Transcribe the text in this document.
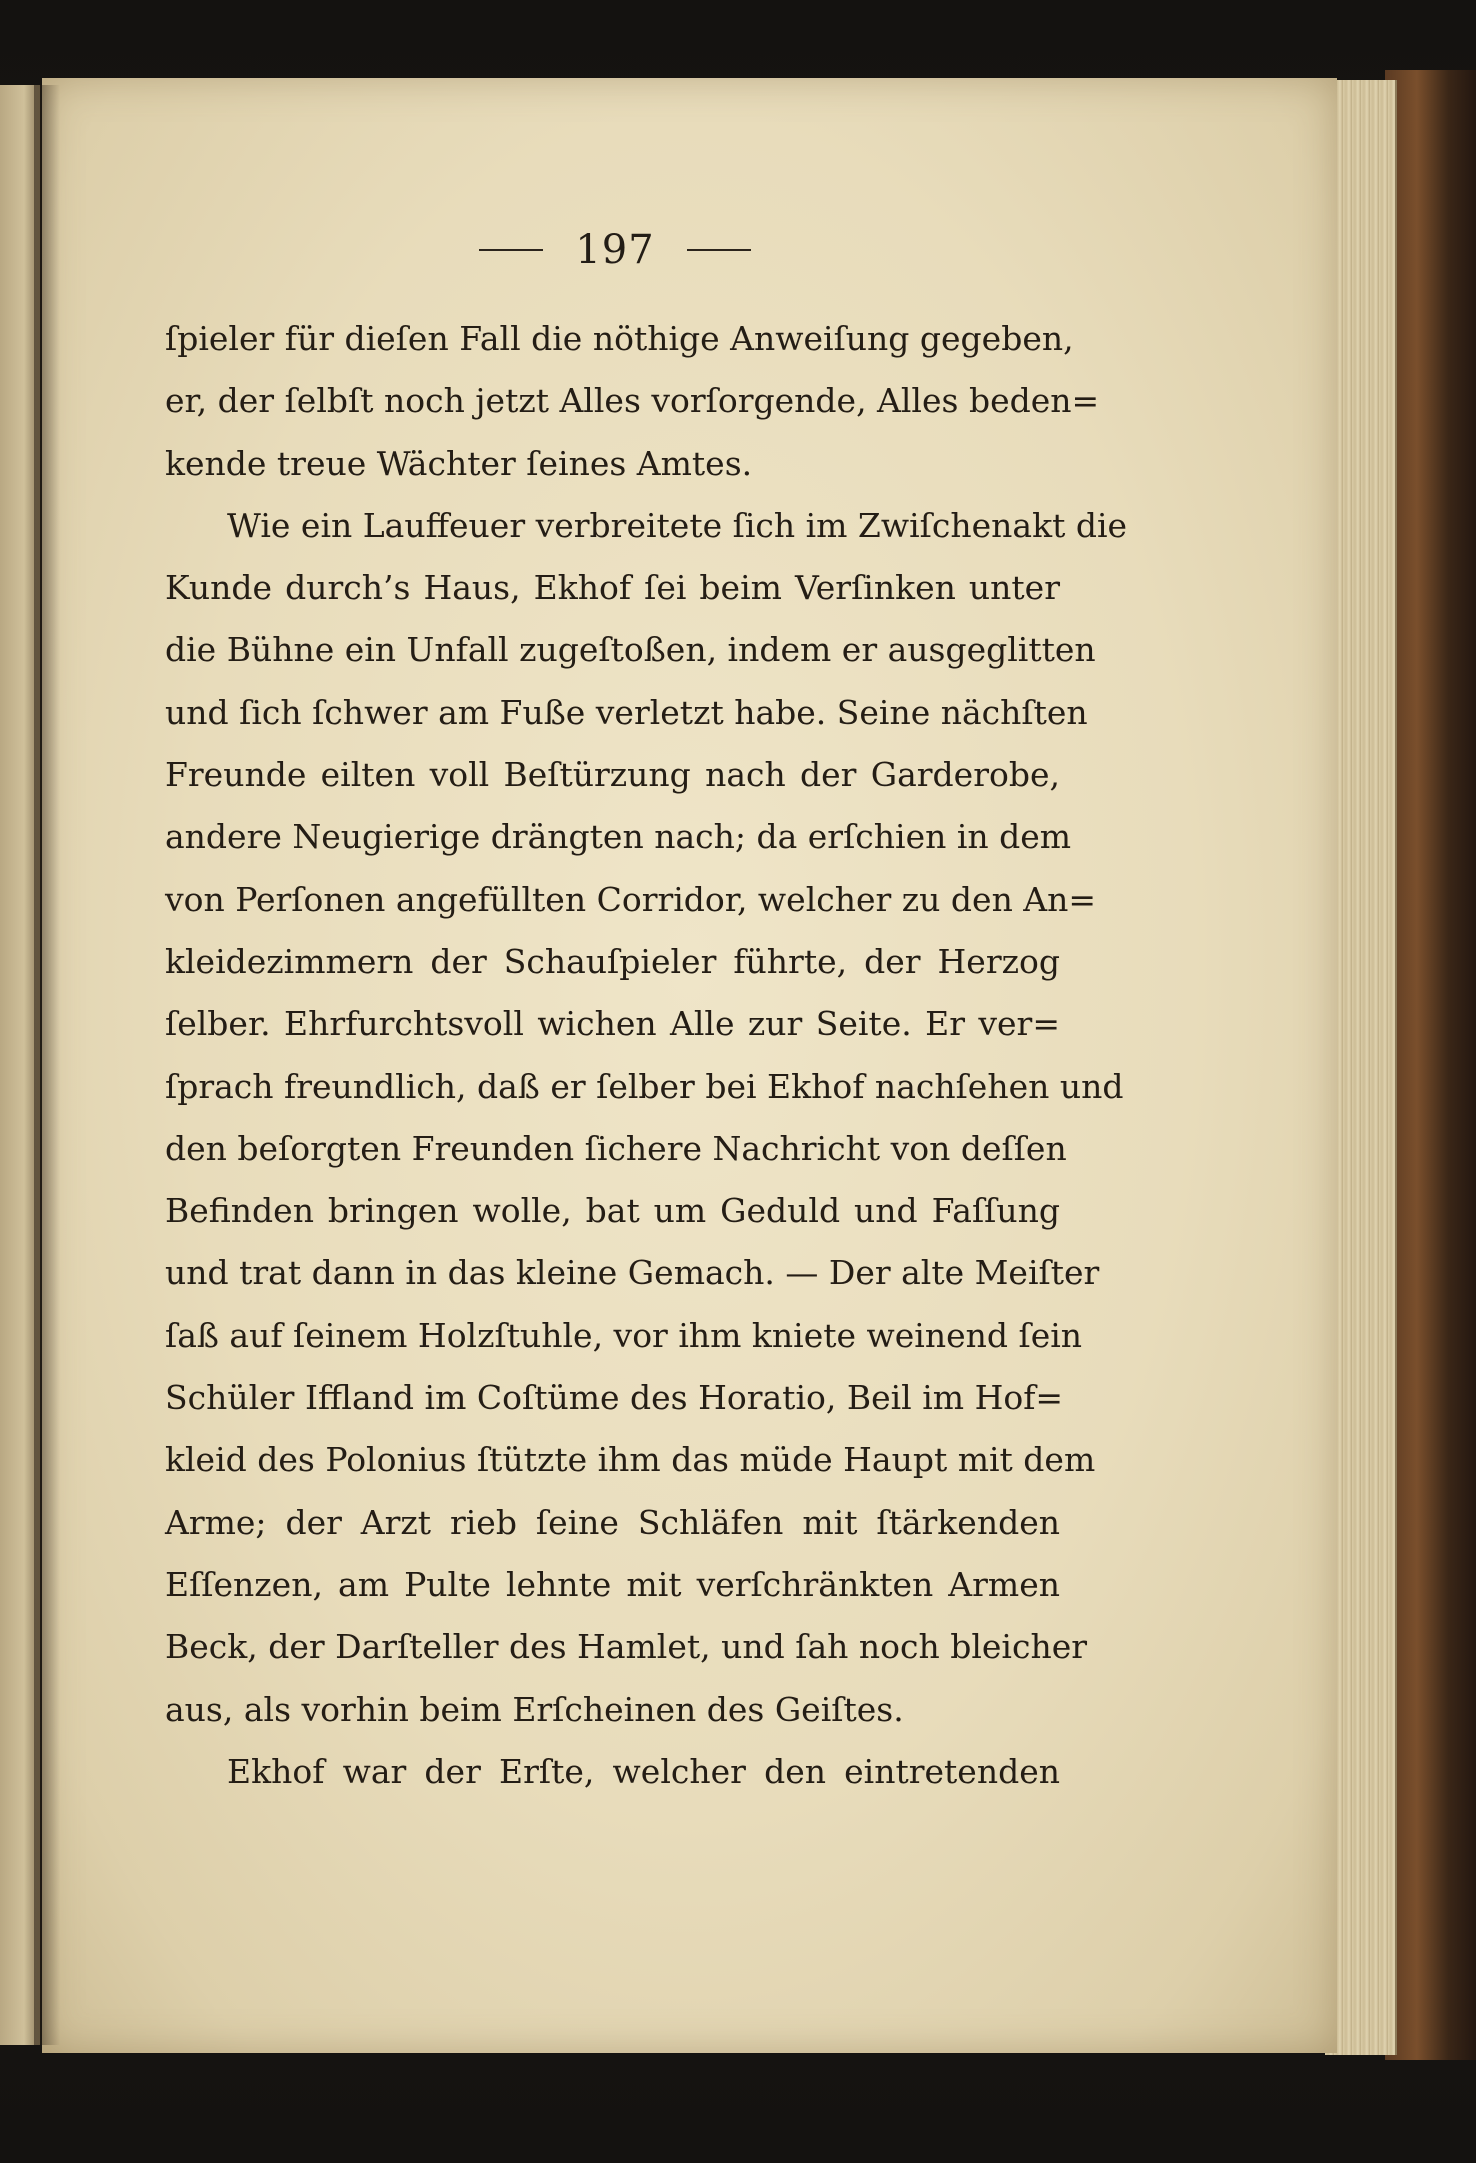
197
ſpieler für dieſen Fall die nöthige Anweiſung gegeben,
er, der ſelbſt noch jetzt Alles vorſorgende, Alles beden=
kende treue Wächter ſeines Amtes.
Wie ein Lauffeuer verbreitete ſich im Zwiſchenakt die
Kunde durch’s Haus, Ekhof ſei beim Verſinken unter
die Bühne ein Unfall zugeſtoßen, indem er ausgeglitten
und ſich ſchwer am Fuße verletzt habe. Seine nächſten
Freunde eilten voll Beſtürzung nach der Garderobe,
andere Neugierige drängten nach; da erſchien in dem
von Perſonen angefüllten Corridor, welcher zu den An=
kleidezimmern der Schauſpieler führte, der Herzog
ſelber. Ehrfurchtsvoll wichen Alle zur Seite. Er ver=
ſprach freundlich, daß er ſelber bei Ekhof nachſehen und
den beſorgten Freunden ſichere Nachricht von deſſen
Befinden bringen wolle, bat um Geduld und Faſſung
und trat dann in das kleine Gemach. — Der alte Meiſter
ſaß auf ſeinem Holzſtuhle, vor ihm kniete weinend ſein
Schüler Iffland im Coſtüme des Horatio, Beil im Hof=
kleid des Polonius ſtützte ihm das müde Haupt mit dem
Arme; der Arzt rieb ſeine Schläfen mit ſtärkenden
Eſſenzen, am Pulte lehnte mit verſchränkten Armen
Beck, der Darſteller des Hamlet, und ſah noch bleicher
aus, als vorhin beim Erſcheinen des Geiſtes.
Ekhof war der Erſte, welcher den eintretenden
